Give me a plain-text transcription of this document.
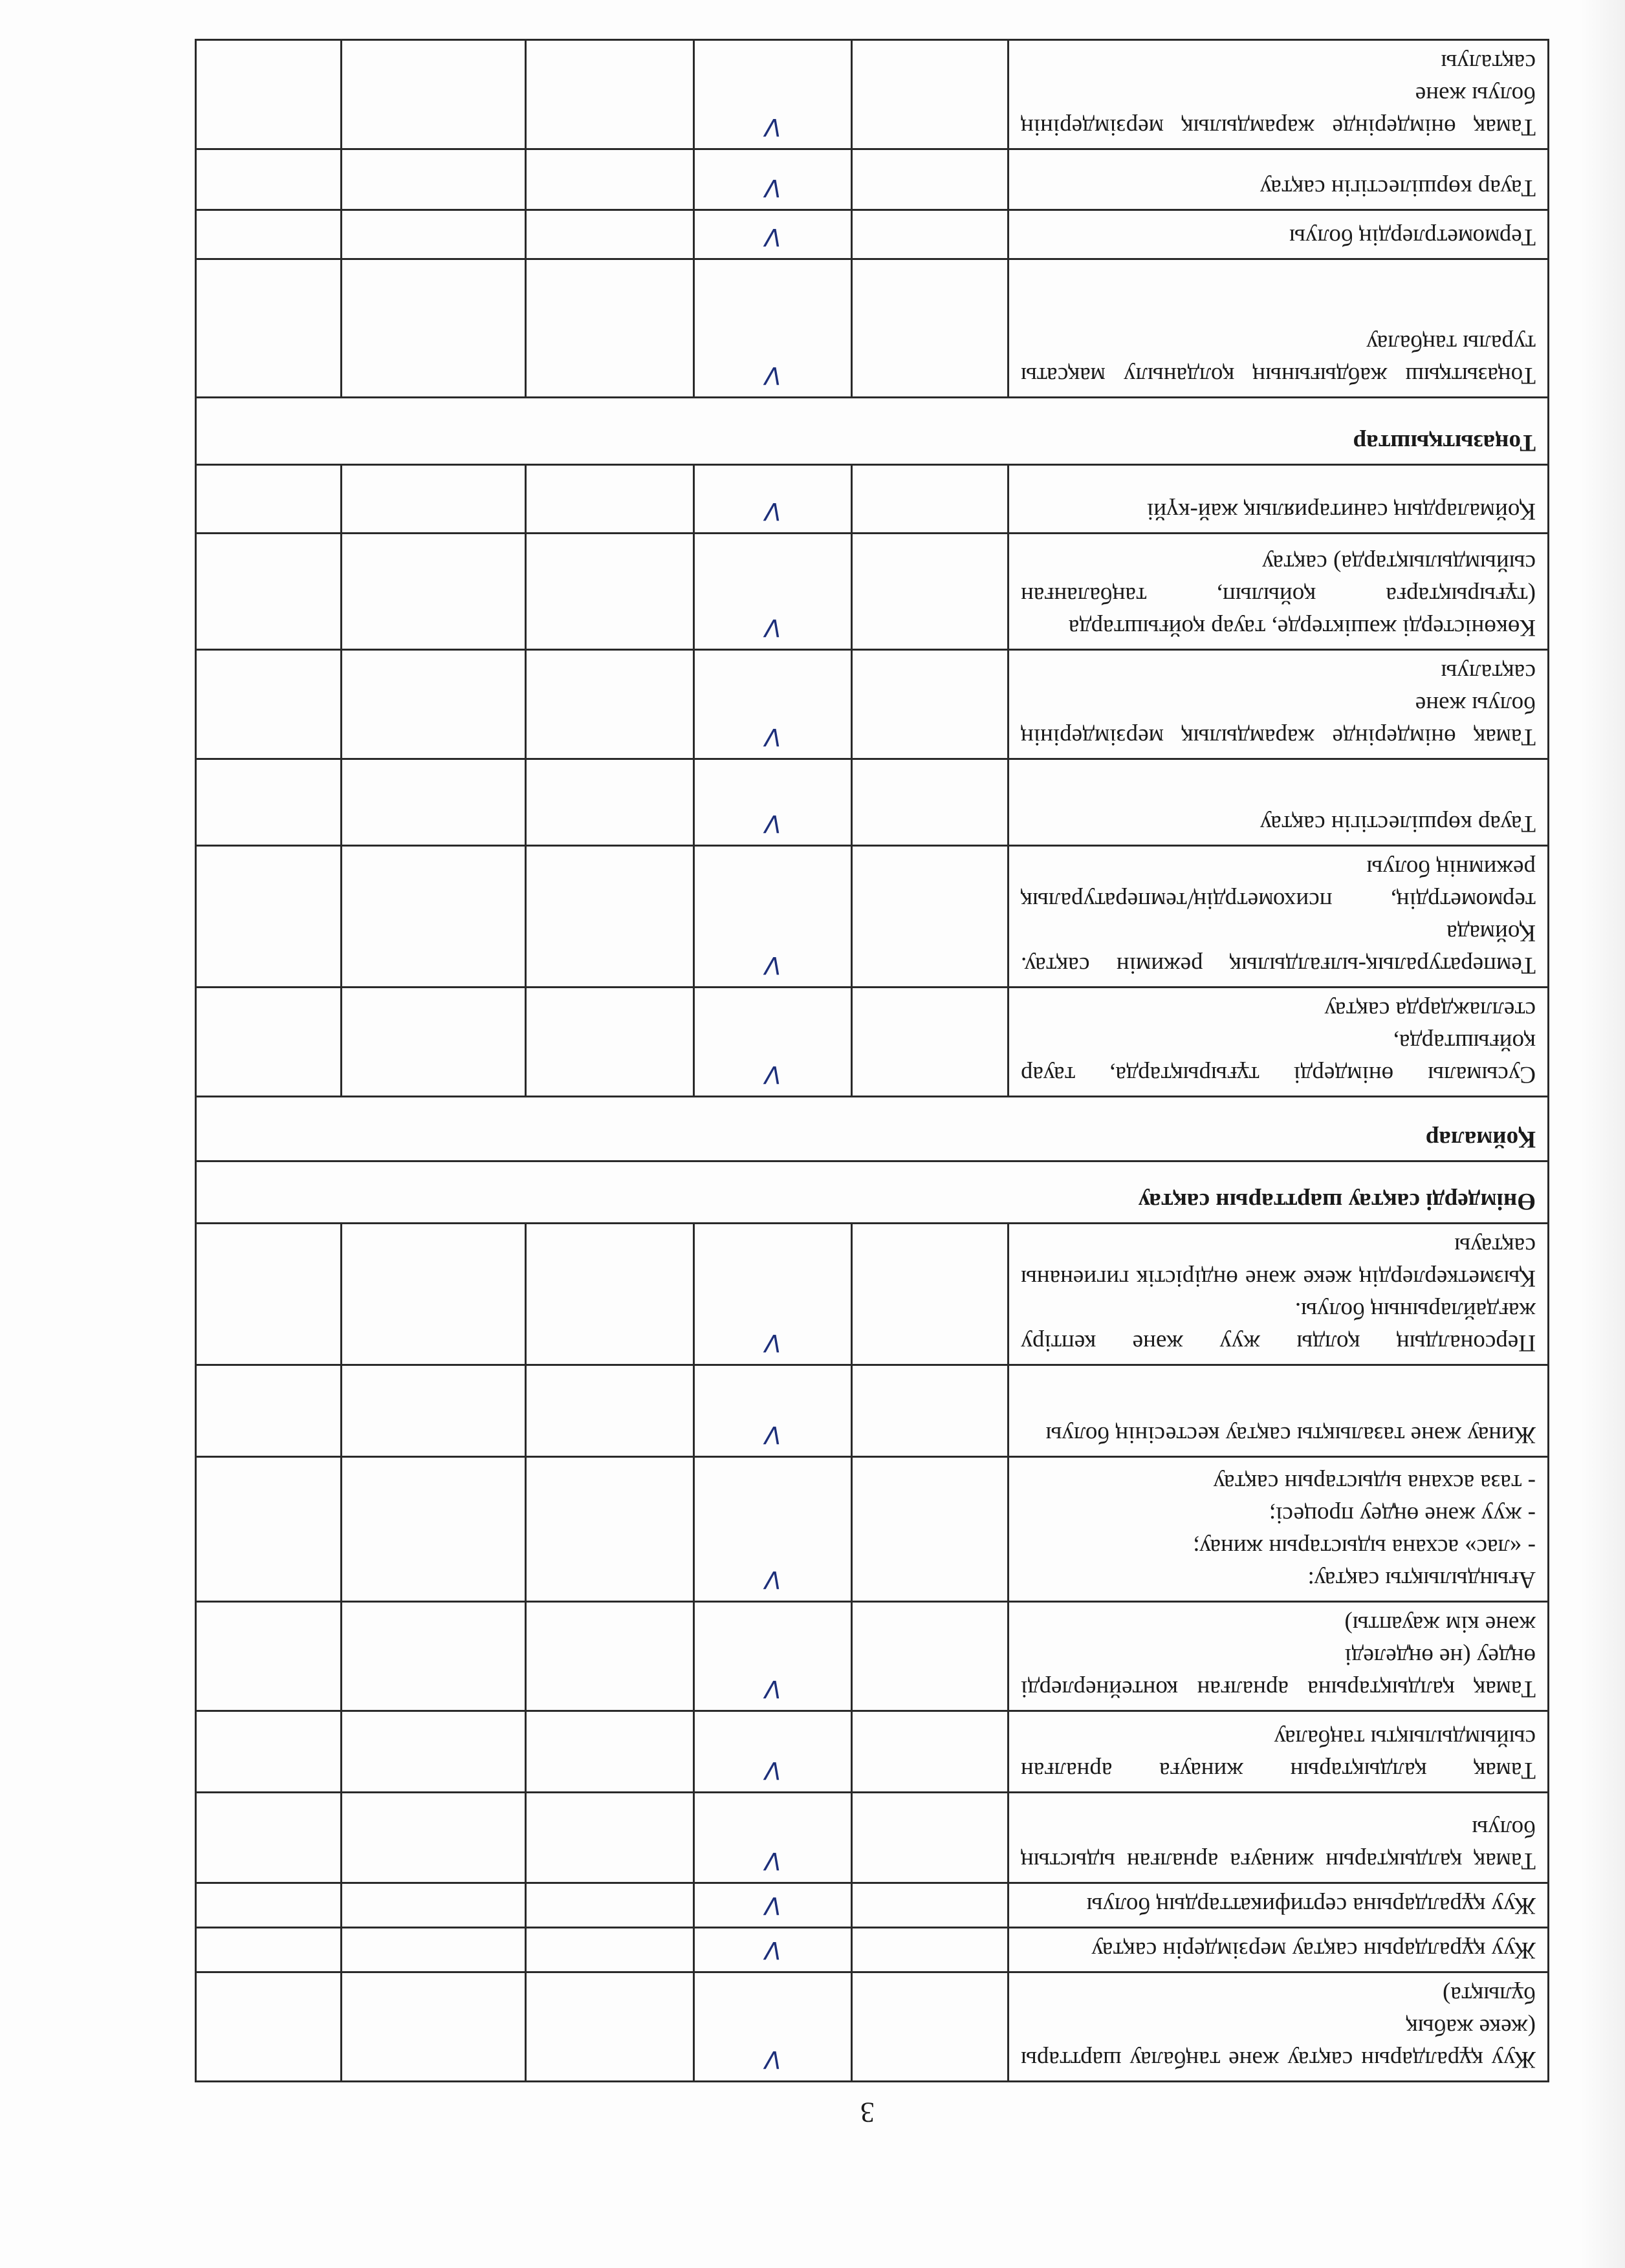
3
Жуу құралдарын сақтау және таңбалау шарттары (жеке жабық
бұлықта)		V			

Жуу құралдарын сақтау мерзімдерін сақтау		V			

Жуу құралдарына сертификаттардың болуы		V			

Тамақ қалдықтарын жинауға арналған ыдыстың болуы		V			

Тамақ қалдықтарын жинауға арналған сыйымдылықты таңбалау		V			

Тамақ қалдықтарына арналған контейнерлерді өңдеу (не өңделеді
және кім жауапты)		V			

Ағындылықты сақтау:
- «лас» асхана ыдыстарын жинау;
- жуу және өңдеу процесі;
- таза асхана ыдыстарын сақтау		V			

Жинау және тазалықты сақтау кестесінің болуы		V			

Персоналдың қолды жуу және кептіру жағдайларының болуы.
Қызметкерлердің жеке және өндірістік гигиенаны сақтауы		V			
Өнімдерді сақтау шарттарын сақтау					
Қоймалар					

Сусымалы өнімдерді тұғырықтарда, тауар қойғыштарда,
стеллаждарда сақтау		V			

Температуралық-ылғалдылық режимін сақтау. Қоймада
термометрдің, психометрдің/температуралық режимнің болуы		V			

Тауар көршілестігін сақтау		V			

Тамақ өнімдерінде жарамдылық мерзімдерінің болуы және
сақталуы		V			

Көкөністерді жәшіктерде, тауар қойғыштарда
(тұғырықтарға қойылып, таңбаланған сыйымдылықтарда) сақтау		V			

Қоймалардың санитариялық жай-күйі		V			
Тоңазытқыштар					

Тоңазытқыш жабдығының қолданылу мақсаты туралы таңбалау		V			

Термометрлердің болуы		V			

Тауар көршілестігін сақтау		V			

Тамақ өнімдерінде жарамдылық мерзімдерінің болуы және
сақталуы		V			
